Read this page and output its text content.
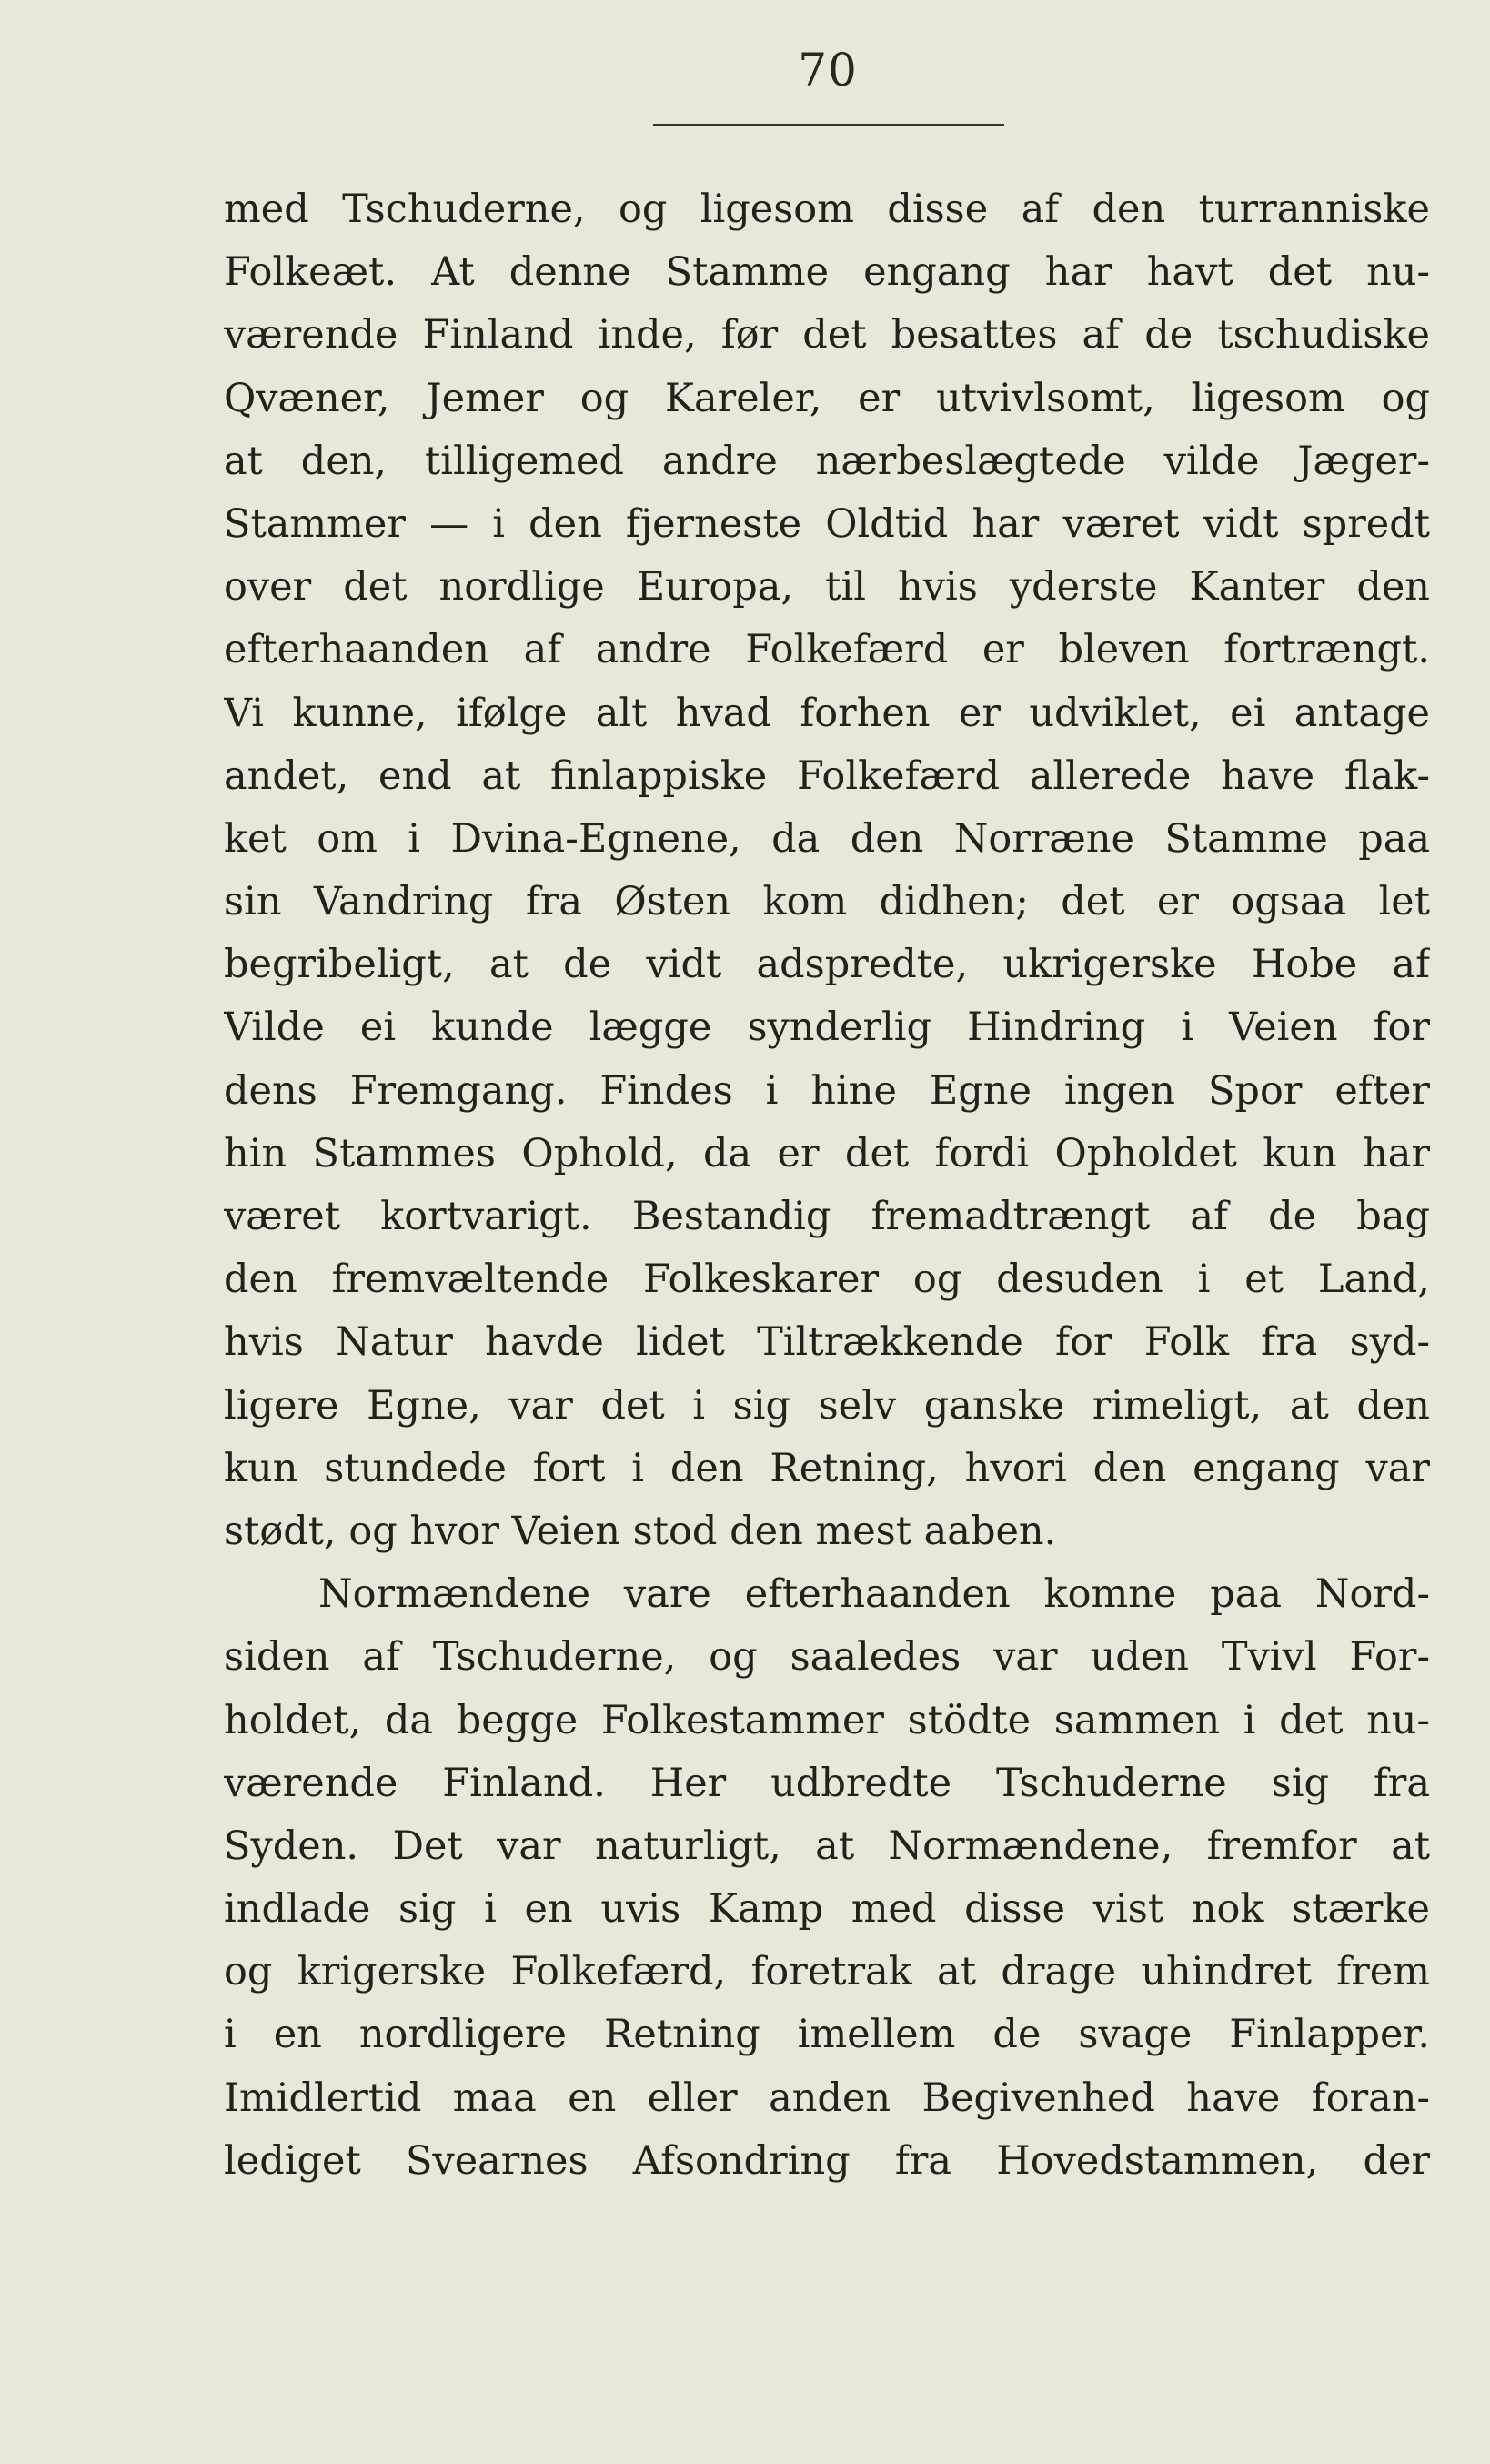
70
med Tschuderne, og ligesom disse af den turranniske
Folkeæt. At denne Stamme engang har havt det nu-
værende Finland inde, før det besattes af de tschudiske
Qvæner, Jemer og Kareler, er utvivlsomt, ligesom og
at den, tilligemed andre nærbeslægtede vilde Jæger-
Stammer — i den fjerneste Oldtid har været vidt spredt
over det nordlige Europa, til hvis yderste Kanter den
efterhaanden af andre Folkefærd er bleven fortrængt.
Vi kunne, ifølge alt hvad forhen er udviklet, ei antage
andet, end at finlappiske Folkefærd allerede have flak-
ket om i Dvina-Egnene, da den Norræne Stamme paa
sin Vandring fra Østen kom didhen; det er ogsaa let
begribeligt, at de vidt adspredte, ukrigerske Hobe af
Vilde ei kunde lægge synderlig Hindring i Veien for
dens Fremgang. Findes i hine Egne ingen Spor efter
hin Stammes Ophold, da er det fordi Opholdet kun har
været kortvarigt. Bestandig fremadtrængt af de bag
den fremvæltende Folkeskarer og desuden i et Land,
hvis Natur havde lidet Tiltrækkende for Folk fra syd-
ligere Egne, var det i sig selv ganske rimeligt, at den
kun stundede fort i den Retning, hvori den engang var
stødt, og hvor Veien stod den mest aaben.
Normændene vare efterhaanden komne paa Nord-
siden af Tschuderne, og saaledes var uden Tvivl For-
holdet, da begge Folkestammer stödte sammen i det nu-
værende Finland. Her udbredte Tschuderne sig fra
Syden. Det var naturligt, at Normændene, fremfor at
indlade sig i en uvis Kamp med disse vist nok stærke
og krigerske Folkefærd, foretrak at drage uhindret frem
i en nordligere Retning imellem de svage Finlapper.
Imidlertid maa en eller anden Begivenhed have foran-
lediget Svearnes Afsondring fra Hovedstammen, der
